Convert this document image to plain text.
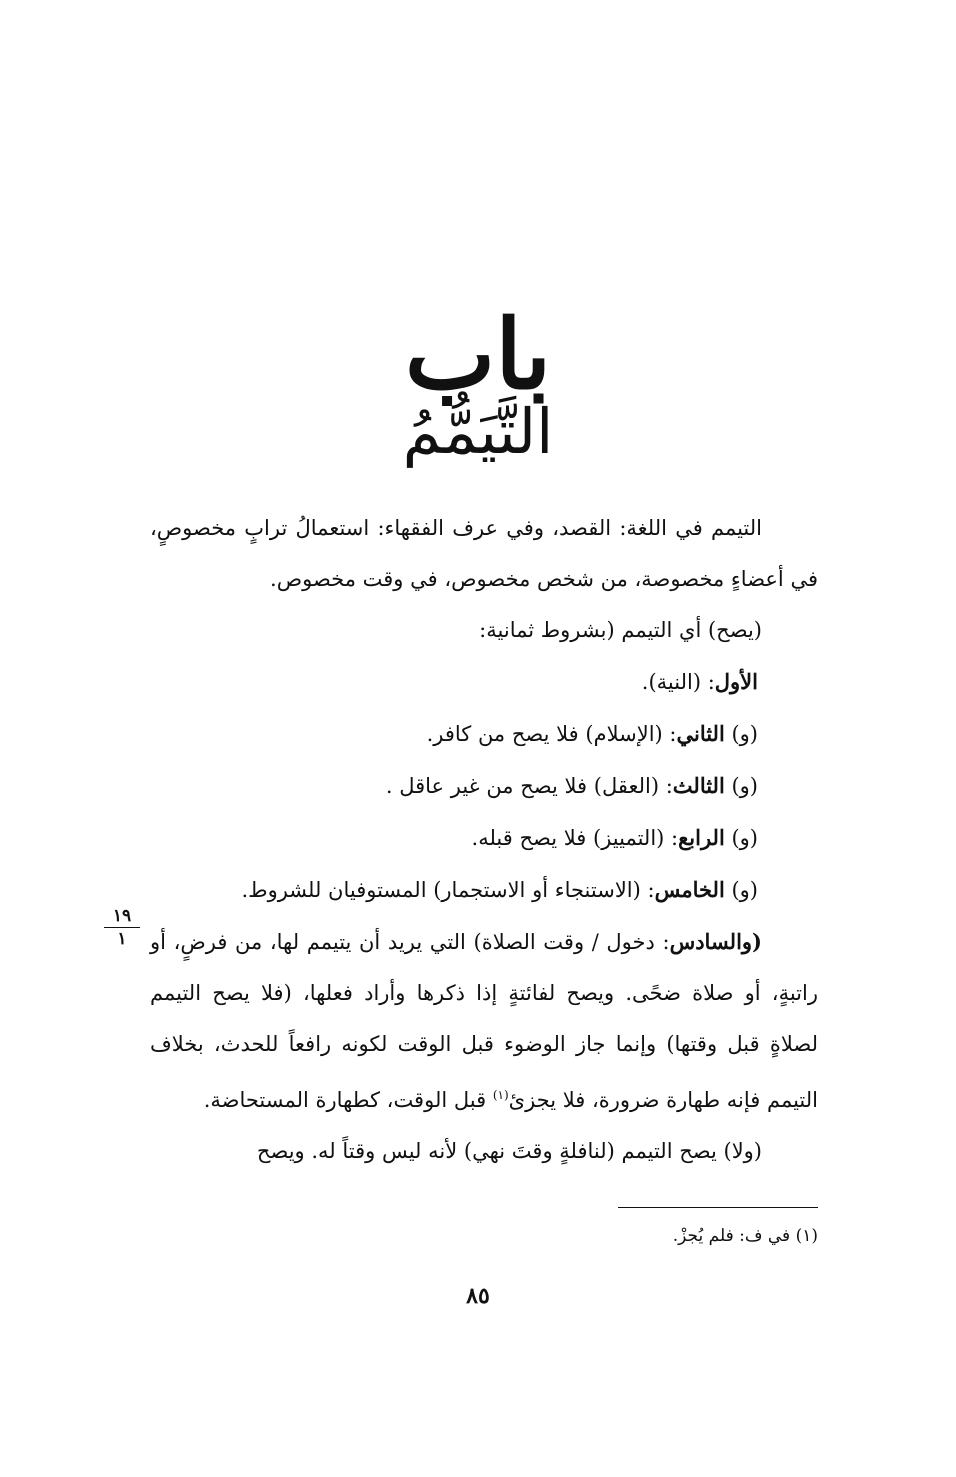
باب
التَّيَمُّمُ

التيمم في اللغة: القصد، وفي عرف الفقهاء: استعمالُ ترابٍ مخصوصٍ، في أعضاءٍ مخصوصة، من شخص مخصوص، في وقت مخصوص.

(يصح) أي التيمم (بشروط ثمانية:

الأول: (النية).

(و) الثاني: (الإسلام) فلا يصح من كافر.

(و) الثالث: (العقل) فلا يصح من غير عاقل .

(و) الرابع: (التمييز) فلا يصح قبله.

(و) الخامس: (الاستنجاء أو الاستجمار) المستوفيان للشروط.

(والسادس: دخول / وقت الصلاة) التي يريد أن يتيمم لها، من فرضٍ، أو راتبةٍ، أو صلاة ضحًى. ويصح لفائتةٍ إذا ذكرها وأراد فعلها، (فلا يصح التيمم لصلاةٍ قبل وقتها) وإنما جاز الوضوء قبل الوقت لكونه رافعاً للحدث، بخلاف التيمم فإنه طهارة ضرورة، فلا يجزئ$^{(١)}$ قبل الوقت، كطهارة المستحاضة.

(ولا) يصح التيمم (لنافلةٍ وقتَ نهي) لأنه ليس وقتاً له. ويصح

١٩
١
(١) في ف: فلم يُجزْ.
٨٥
